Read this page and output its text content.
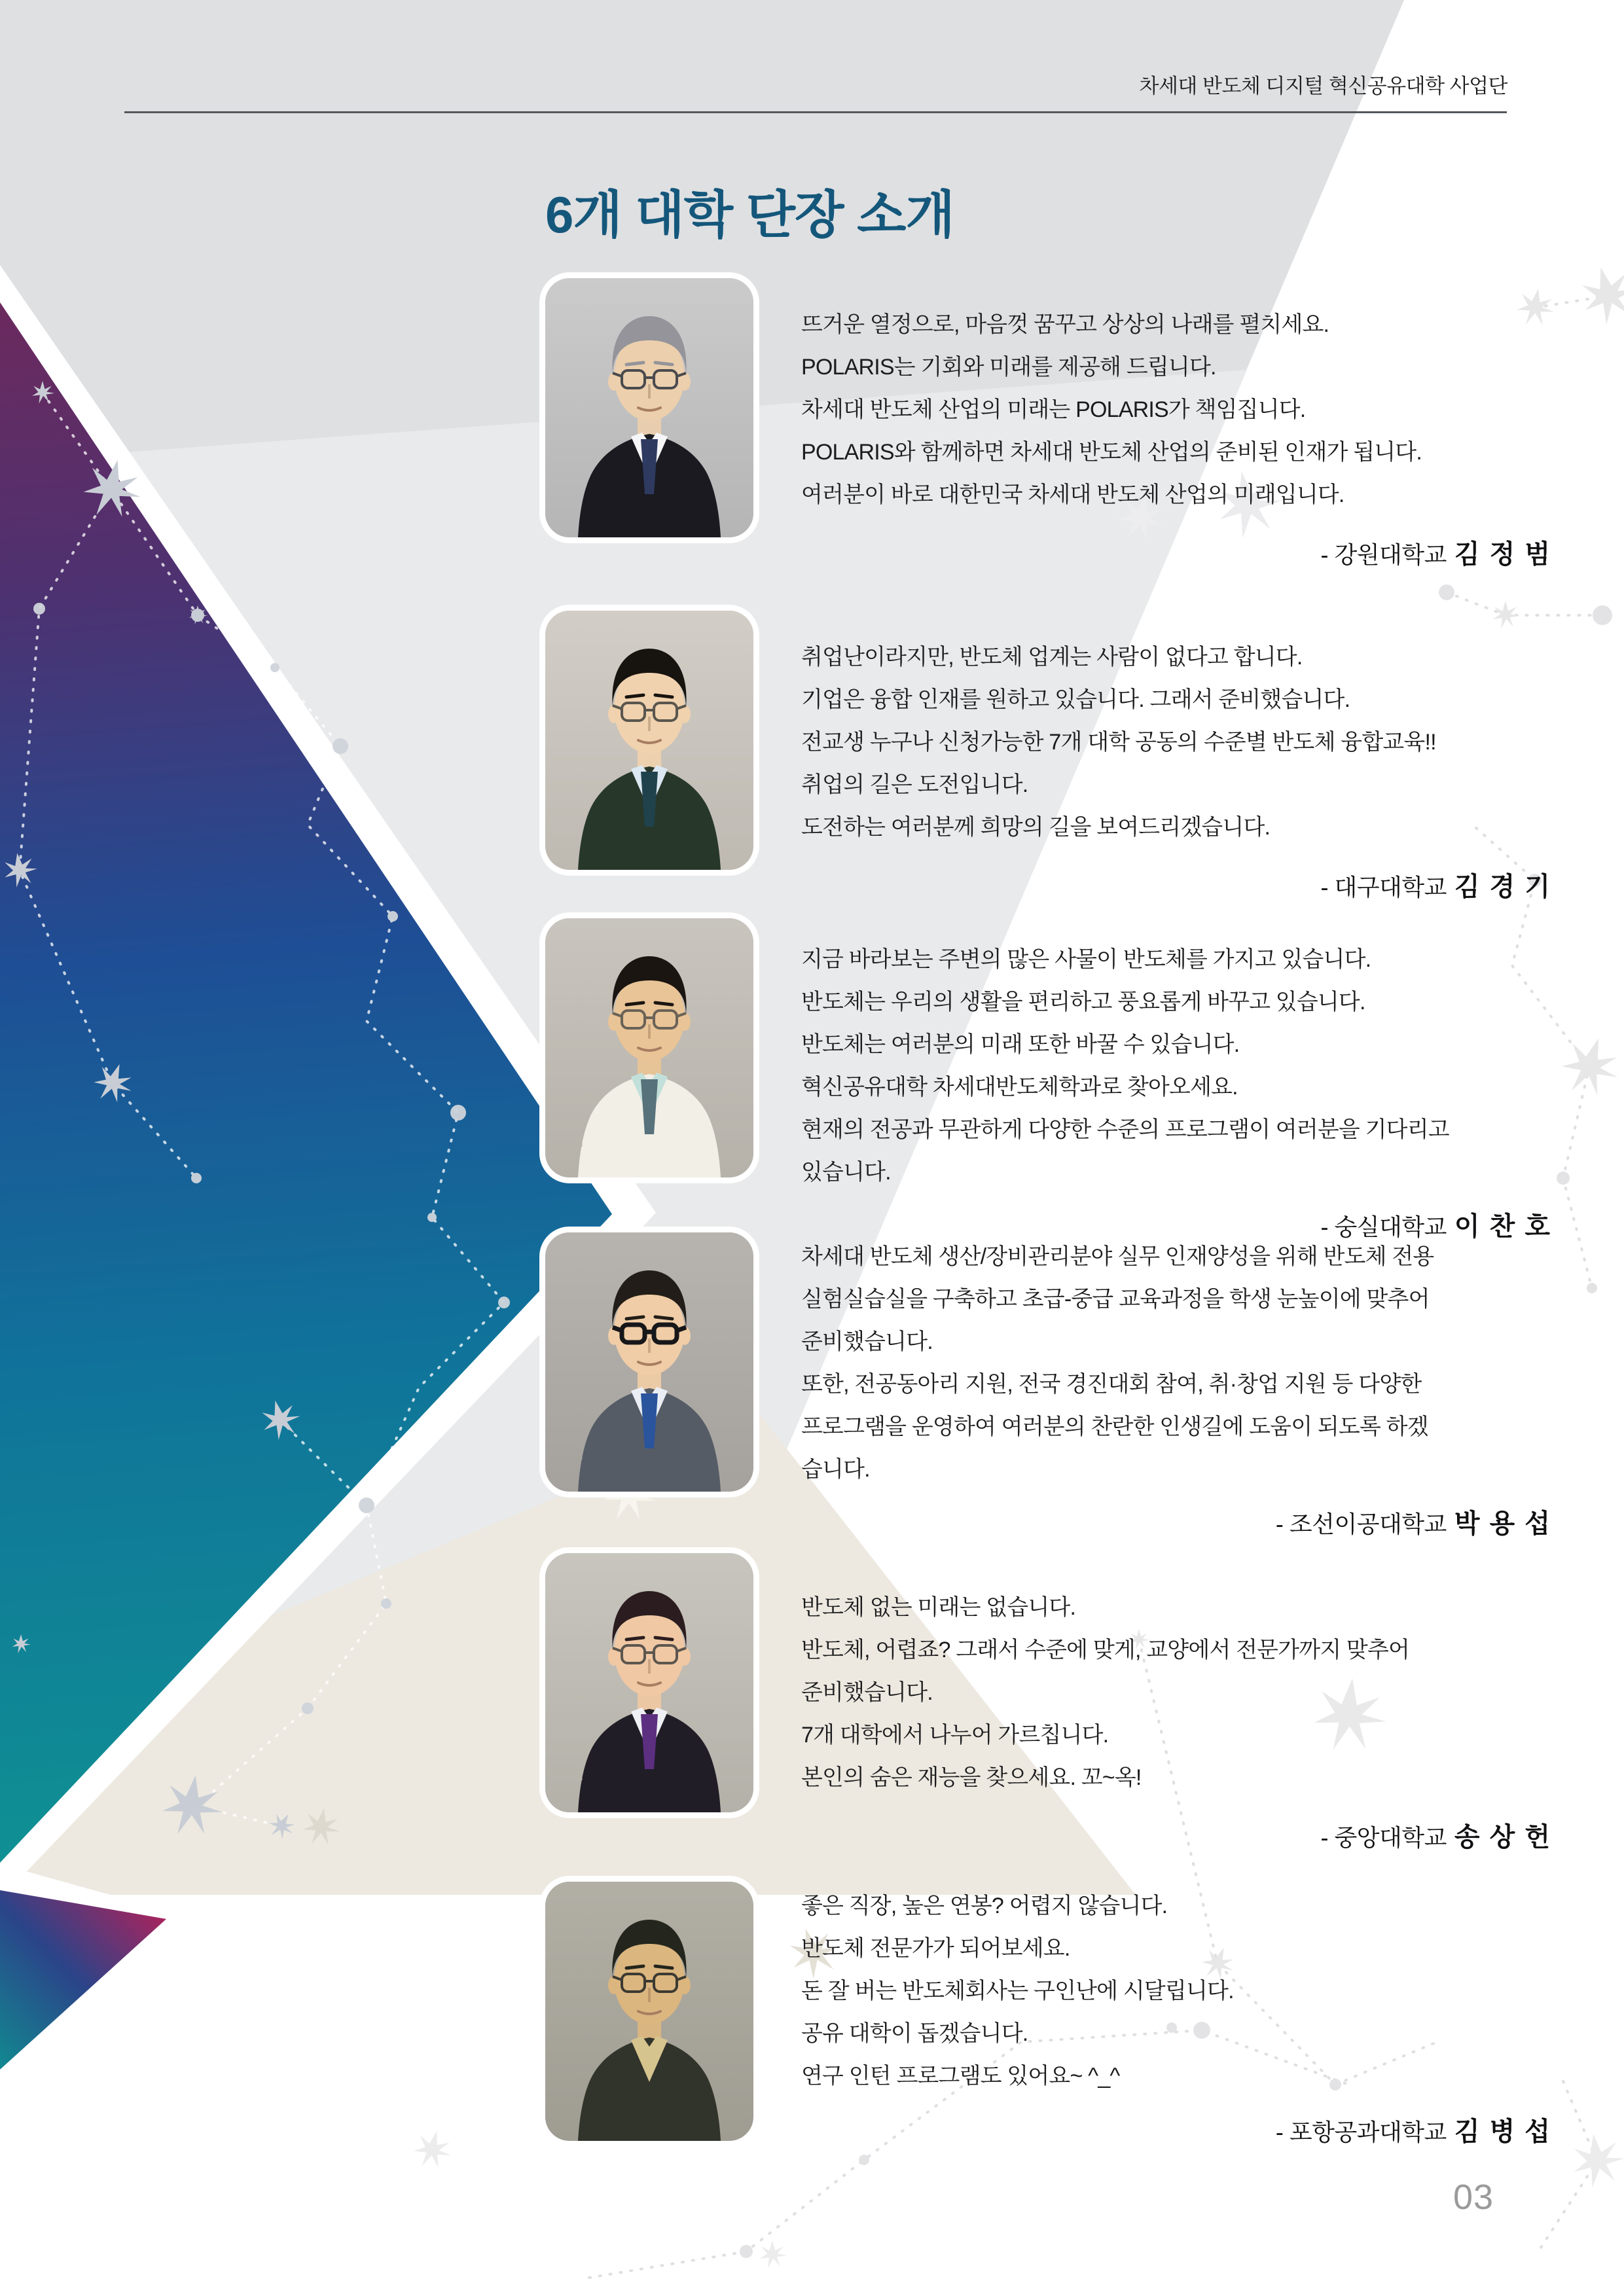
차세대 반도체 디지털 혁신공유대학 사업단
6개 대학 단장 소개
뜨거운 열정으로, 마음껏 꿈꾸고 상상의 나래를 펼치세요.
POLARIS는 기회와 미래를 제공해 드립니다.
차세대 반도체 산업의 미래는 POLARIS가 책임집니다.
POLARIS와 함께하면 차세대 반도체 산업의 준비된 인재가 됩니다.
여러분이 바로 대한민국 차세대 반도체 산업의 미래입니다.
- 강원대학교 김 정 범
취업난이라지만, 반도체 업계는 사람이 없다고 합니다.
기업은 융합 인재를 원하고 있습니다. 그래서 준비했습니다.
전교생 누구나 신청가능한 7개 대학 공동의 수준별 반도체 융합교육!!
취업의 길은 도전입니다.
도전하는 여러분께 희망의 길을 보여드리겠습니다.
- 대구대학교 김 경 기
지금 바라보는 주변의 많은 사물이 반도체를 가지고 있습니다.
반도체는 우리의 생활을 편리하고 풍요롭게 바꾸고 있습니다.
반도체는 여러분의 미래 또한 바꿀 수 있습니다.
혁신공유대학 차세대반도체학과로 찾아오세요.
현재의 전공과 무관하게 다양한 수준의 프로그램이 여러분을 기다리고
있습니다.
- 숭실대학교 이 찬 호
차세대 반도체 생산/장비관리분야 실무 인재양성을 위해 반도체 전용
실험실습실을 구축하고 초급-중급 교육과정을 학생 눈높이에 맞추어
준비했습니다.
또한, 전공동아리 지원, 전국 경진대회 참여, 취·창업 지원 등 다양한
프로그램을 운영하여 여러분의 찬란한 인생길에 도움이 되도록 하겠
습니다.
- 조선이공대학교 박 용 섭
반도체 없는 미래는 없습니다.
반도체, 어렵죠? 그래서 수준에 맞게, 교양에서 전문가까지 맞추어
준비했습니다.
7개 대학에서 나누어 가르칩니다.
본인의 숨은 재능을 찾으세요. 꼬~옥!
- 중앙대학교 송 상 헌
좋은 직장, 높은 연봉? 어렵지 않습니다.
반도체 전문가가 되어보세요.
돈 잘 버는 반도체회사는 구인난에 시달립니다.
공유 대학이 돕겠습니다.
연구 인턴 프로그램도 있어요~ ^_^
- 포항공과대학교 김 병 섭
03
